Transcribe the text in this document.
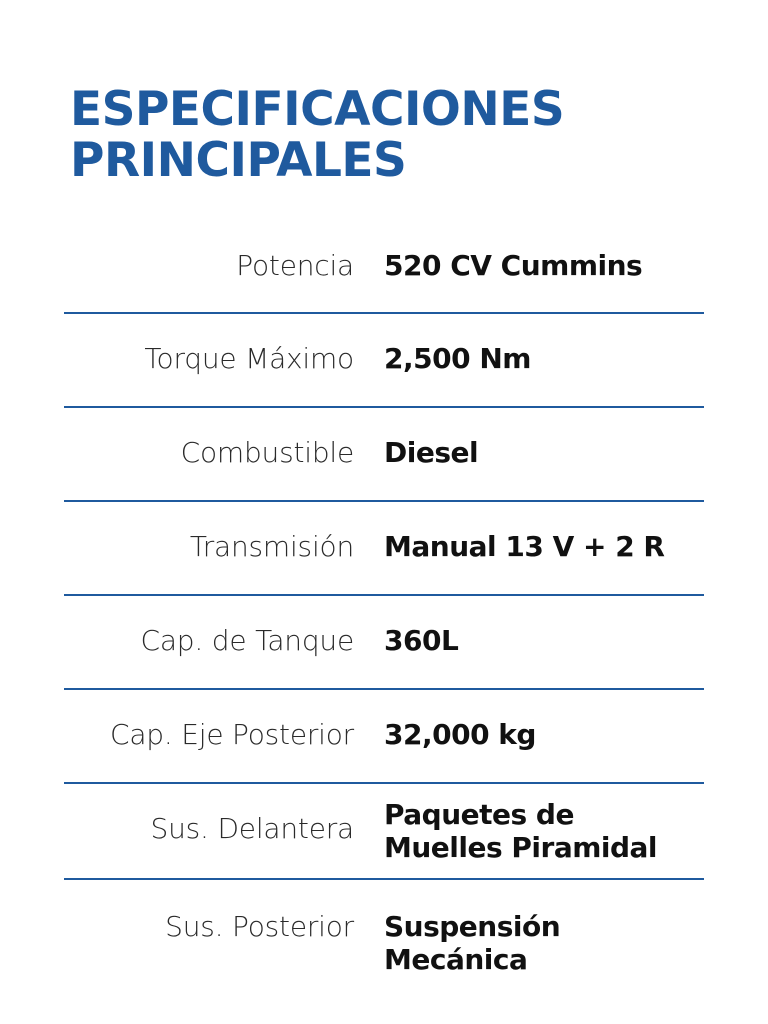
ESPECIFICACIONES
PRINCIPALES
Potencia 520 CV Cummins
Torque Máximo 2,500 Nm
Combustible Diesel
Transmisión Manual 13 V + 2 R
Cap. de Tanque 360L
Cap. Eje Posterior 32,000 kg
Sus. Delantera Paquetes de
Muelles Piramidal
Sus. Posterior Suspensión
Mecánica
